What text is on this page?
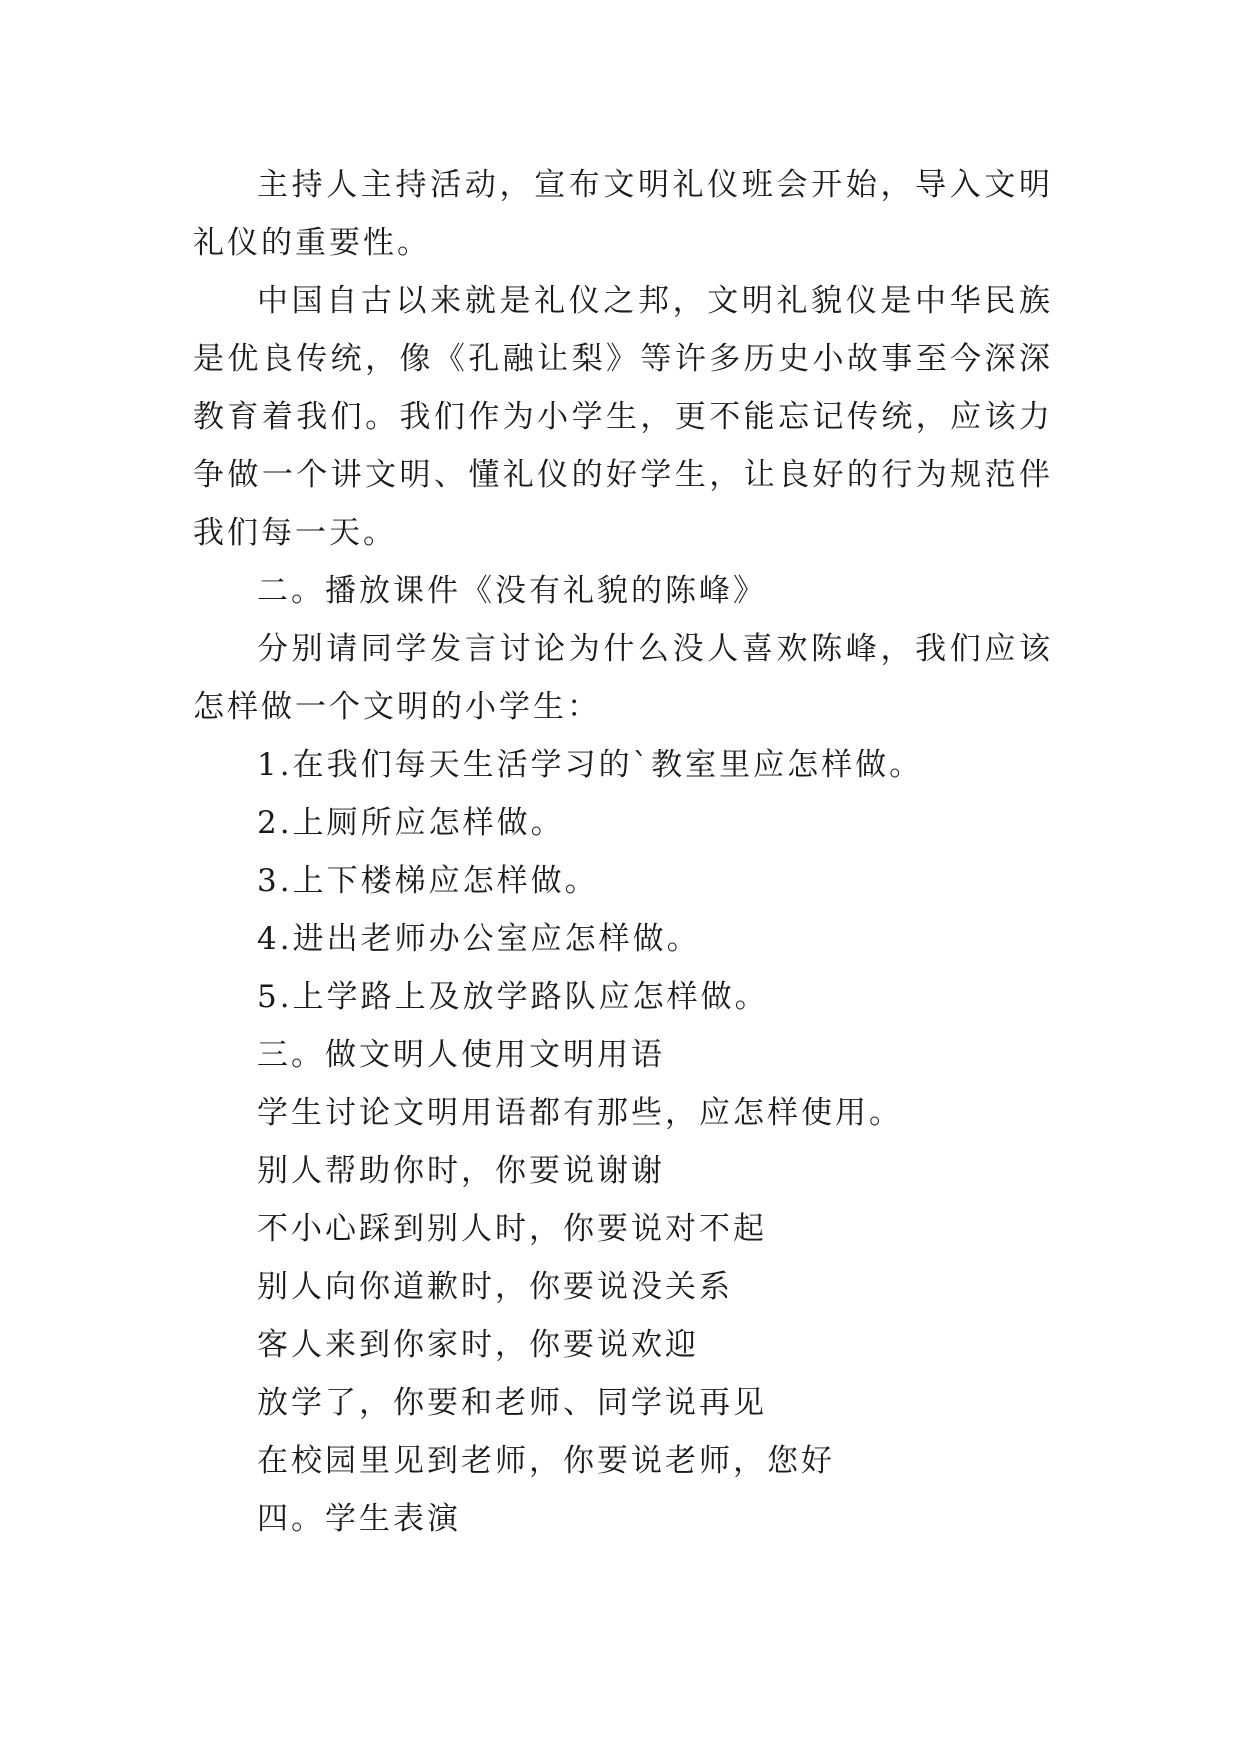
主持人主持活动，宣布文明礼仪班会开始，导入文明礼仪的重要性。

中国自古以来就是礼仪之邦，文明礼貌仪是中华民族是优良传统，像《孔融让梨》等许多历史小故事至今深深教育着我们。我们作为小学生，更不能忘记传统，应该力争做一个讲文明、懂礼仪的好学生，让良好的行为规范伴我们每一天。

二。播放课件《没有礼貌的陈峰》

分别请同学发言讨论为什么没人喜欢陈峰，我们应该怎样做一个文明的小学生：

1.在我们每天生活学习的`教室里应怎样做。

2.上厕所应怎样做。

3.上下楼梯应怎样做。

4.进出老师办公室应怎样做。

5.上学路上及放学路队应怎样做。

三。做文明人使用文明用语

学生讨论文明用语都有那些，应怎样使用。

别人帮助你时，你要说谢谢

不小心踩到别人时，你要说对不起

别人向你道歉时，你要说没关系

客人来到你家时，你要说欢迎

放学了，你要和老师、同学说再见

在校园里见到老师，你要说老师，您好

四。学生表演
